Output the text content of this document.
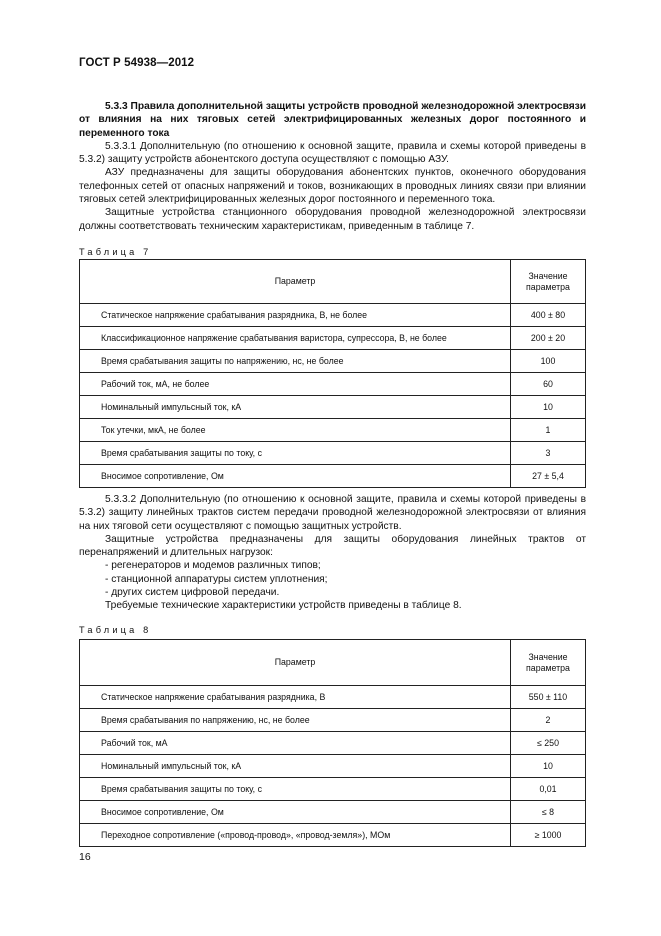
ГОСТ Р 54938—2012

5.3.3 Правила дополнительной защиты устройств проводной железнодорожной электросвязи от влияния на них тяговых сетей электрифицированных железных дорог постоянного и переменного тока

5.3.3.1 Дополнительную (по отношению к основной защите, правила и схемы которой приведены в 5.3.2) защиту устройств абонентского доступа осуществляют с помощью АЗУ.

АЗУ предназначены для защиты оборудования абонентских пунктов, оконечного оборудования телефонных сетей от опасных напряжений и токов, возникающих в проводных линиях связи при влиянии тяговых сетей электрифицированных железных дорог постоянного и переменного тока.

Защитные устройства станционного оборудования проводной железнодорожной электросвязи должны соответствовать техническим характеристикам, приведенным в таблице 7.

Таблица 7
Параметр	Значение
параметра
Статическое напряжение срабатывания разрядника, В, не более	400 ± 80
Классификационное напряжение срабатывания варистора, супрессора, В, не более	200 ± 20
Время срабатывания защиты по напряжению, нс, не более	100
Рабочий ток, мА, не более	60
Номинальный импульсный ток, кА	10
Ток утечки, мкА, не более	1
Время срабатывания защиты по току, с	3
Вносимое сопротивление, Ом	27 ± 5,4

5.3.3.2 Дополнительную (по отношению к основной защите, правила и схемы которой приведены в 5.3.2) защиту линейных трактов систем передачи проводной железнодорожной электросвязи от влияния на них тяговой сети осуществляют с помощью защитных устройств.

Защитные устройства предназначены для защиты оборудования линейных трактов от перенапряжений и длительных нагрузок:

- регенераторов и модемов различных типов;

- станционной аппаратуры систем уплотнения;

- других систем цифровой передачи.

Требуемые технические характеристики устройств приведены в таблице 8.

Таблица 8
Параметр	Значение
параметра
Статическое напряжение срабатывания разрядника, В	550 ± 110
Время срабатывания по напряжению, нс, не более	2
Рабочий ток, мА	≤ 250
Номинальный импульсный ток, кА	10
Время срабатывания защиты по току, с	0,01
Вносимое сопротивление, Ом	≤ 8
Переходное сопротивление («провод-провод», «провод-земля»), МОм	≥ 1000
16
